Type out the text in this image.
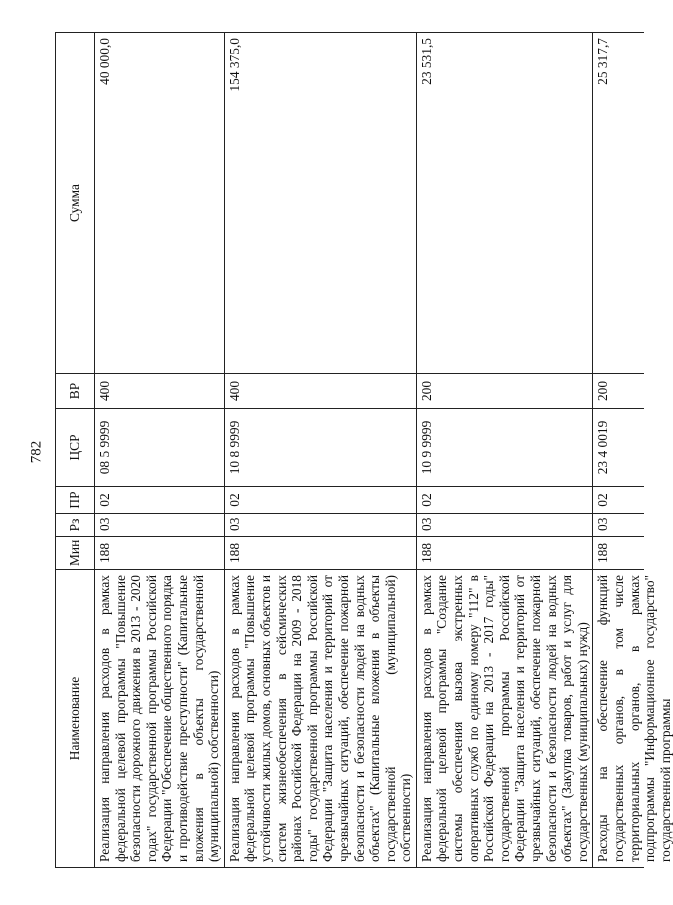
782
Наименование	Мин	Рз	ПР	ЦСР	ВР	Сумма
Реализация направления расходов в рамках федеральной целевой программы "Повышение безопасности дорожного движения в 2013 - 2020 годах" государственной программы Российской Федерации "Обеспечение общественного порядка и противодействие преступности" (Капитальные вложения в объекты государственной (муниципальной) собственности)	188	03	02	08 5 9999	400	40 000,0
Реализация направления расходов в рамках федеральной целевой программы "Повышение устойчивости жилых домов, основных объектов и систем жизнеобеспечения в сейсмических районах Российской Федерации на 2009 - 2018 годы" государственной программы Российской Федерации "Защита населения и территорий от чрезвычайных ситуаций, обеспечение пожарной безопасности и безопасности людей на водных объектах" (Капитальные вложения в объекты государственной (муниципальной) собственности)	188	03	02	10 8 9999	400	154 375,0
Реализация направления расходов в рамках федеральной целевой программы "Создание системы обеспечения вызова экстренных оперативных служб по единому номеру "112" в Российской Федерации на 2013 - 2017 годы" государственной программы Российской Федерации "Защита населения и территорий от чрезвычайных ситуаций, обеспечение пожарной безопасности и безопасности людей на водных объектах" (Закупка товаров, работ и услуг для государственных (муниципальных) нужд)	188	03	02	10 9 9999	200	23 531,5

Расходы на обеспечение функций государственных органов, в том числе территориальных органов, в рамках подпрограммы "Информационное государство" государственной программы	188	03	02	23 4 0019	200	25 317,7
